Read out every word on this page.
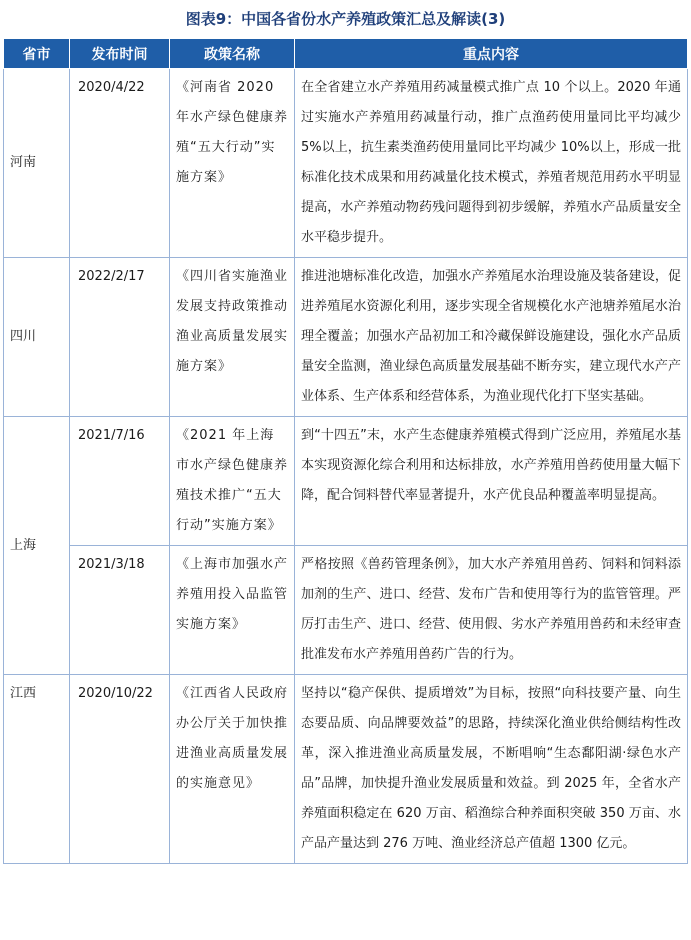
图表9：中国各省份水产养殖政策汇总及解读(3)
省市	发布时间	政策名称	重点内容
河南	2020/4/22	《河南省 2020 年水产绿色健康养殖“五大行动”实施方案》	在全省建立水产养殖用药减量模式推广点 10 个以上。2020 年通过实施水产养殖用药减量行动，推广点渔药使用量同比平均减少 5%以上，抗生素类渔药使用量同比平均减少 10%以上，形成一批标准化技术成果和用药减量化技术模式，养殖者规范用药水平明显提高，水产养殖动物药残问题得到初步缓解，养殖水产品质量安全水平稳步提升。
四川	2022/2/17	《四川省实施渔业发展支持政策推动渔业高质量发展实施方案》	推进池塘标准化改造，加强水产养殖尾水治理设施及装备建设，促进养殖尾水资源化利用，逐步实现全省规模化水产池塘养殖尾水治理全覆盖；加强水产品初加工和冷藏保鲜设施建设，强化水产品质量安全监测，渔业绿色高质量发展基础不断夯实，建立现代水产产业体系、生产体系和经营体系，为渔业现代化打下坚实基础。
上海	2021/7/16	《2021 年上海市水产绿色健康养殖技术推广“五大行动”实施方案》	到“十四五”末，水产生态健康养殖模式得到广泛应用，养殖尾水基本实现资源化综合利用和达标排放，水产养殖用兽药使用量大幅下降，配合饲料替代率显著提升，水产优良品种覆盖率明显提高。
	2021/3/18	《上海市加强水产养殖用投入品监管实施方案》	严格按照《兽药管理条例》，加大水产养殖用兽药、饲料和饲料添加剂的生产、进口、经营、发布广告和使用等行为的监管管理。严厉打击生产、进口、经营、使用假、劣水产养殖用兽药和未经审查批准发布水产养殖用兽药广告的行为。
江西	2020/10/22	《江西省人民政府办公厅关于加快推进渔业高质量发展的实施意见》	坚持以“稳产保供、提质增效”为目标，按照“向科技要产量、向生态要品质、向品牌要效益”的思路，持续深化渔业供给侧结构性改革，深入推进渔业高质量发展，不断唱响“生态鄱阳湖·绿色水产品”品牌，加快提升渔业发展质量和效益。到 2025 年，全省水产养殖面积稳定在 620 万亩、稻渔综合种养面积突破 350 万亩、水产品产量达到 276 万吨、渔业经济总产值超 1300 亿元。
